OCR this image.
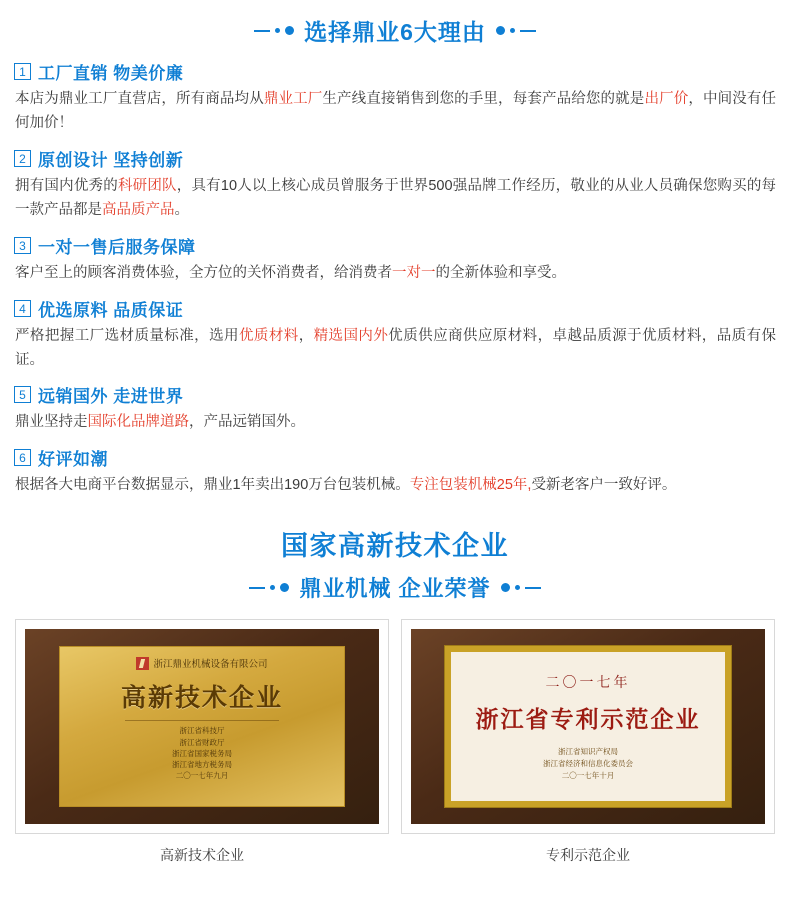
选择鼎业6大理由
1 工厂直销 物美价廉
本店为鼎业工厂直营店，所有商品均从鼎业工厂生产线直接销售到您的手里，每套产品给您的就是出厂价，中间没有任何加价！
2 原创设计 坚持创新
拥有国内优秀的科研团队，具有10人以上核心成员曾服务于世界500强品牌工作经历，敬业的从业人员确保您购买的每一款产品都是高品质产品。
3 一对一售后服务保障
客户至上的顾客消费体验，全方位的关怀消费者，给消费者一对一的全新体验和享受。
4 优选原料 品质保证
严格把握工厂选材质量标准，选用优质材料，精选国内外优质供应商供应原材料，卓越品质源于优质材料，品质有保证。
5 远销国外 走进世界
鼎业坚持走国际化品牌道路，产品远销国外。
6 好评如潮
根据各大电商平台数据显示，鼎业1年卖出190万台包装机械。专注包装机械25年,受新老客户一致好评。
国家高新技术企业
鼎业机械 企业荣誉
浙江鼎业机械设备有限公司
高新技术企业
浙江省科技厅
浙江省财政厅
浙江省国家税务局
浙江省地方税务局
二〇一七年九月
高新技术企业
二〇一七年
浙江省专利示范企业
浙江省知识产权局
浙江省经济和信息化委员会
二〇一七年十月
专利示范企业
